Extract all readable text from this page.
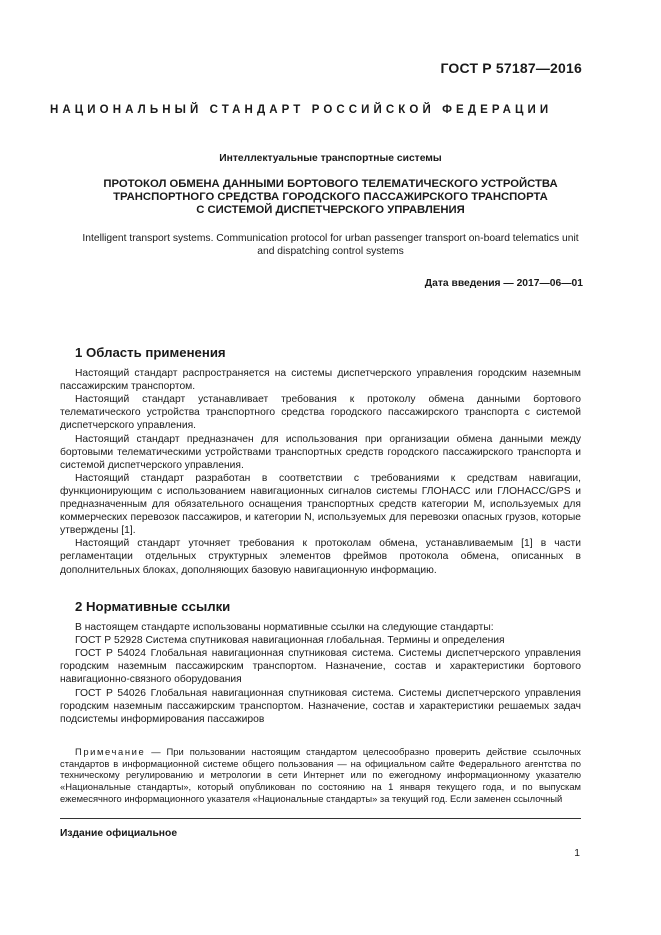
ГОСТ Р 57187—2016
НАЦИОНАЛЬНЫЙ СТАНДАРТ РОССИЙСКОЙ ФЕДЕРАЦИИ
Интеллектуальные транспортные системы
ПРОТОКОЛ ОБМЕНА ДАННЫМИ БОРТОВОГО ТЕЛЕМАТИЧЕСКОГО УСТРОЙСТВА
ТРАНСПОРТНОГО СРЕДСТВА ГОРОДСКОГО ПАССАЖИРСКОГО ТРАНСПОРТА
С СИСТЕМОЙ ДИСПЕТЧЕРСКОГО УПРАВЛЕНИЯ
Intelligent transport systems. Communication protocol for urban passenger transport on-board telematics unit
and dispatching control systems
Дата введения — 2017—06—01
1 Область применения

Настоящий стандарт распространяется на системы диспетчерского управления городским наземным пассажирским транспортом.

Настоящий стандарт устанавливает требования к протоколу обмена данными бортового телематического устройства транспортного средства городского пассажирского транспорта с системой диспетчерского управления.

Настоящий стандарт предназначен для использования при организации обмена данными между бортовыми телематическими устройствами транспортных средств городского пассажирского транспорта и системой диспетчерского управления.

Настоящий стандарт разработан в соответствии с требованиями к средствам навигации, функционирующим с использованием навигационных сигналов системы ГЛОНАСС или ГЛОНАСС/GPS и предназначенным для обязательного оснащения транспортных средств категории М, используемых для коммерческих перевозок пассажиров, и категории N, используемых для перевозки опасных грузов, которые утверждены [1].

Настоящий стандарт уточняет требования к протоколам обмена, устанавливаемым [1] в части регламентации отдельных структурных элементов фреймов протокола обмена, описанных в дополнительных блоках, дополняющих базовую навигационную информацию.

2 Нормативные ссылки

В настоящем стандарте использованы нормативные ссылки на следующие стандарты:

ГОСТ Р 52928 Система спутниковая навигационная глобальная. Термины и определения

ГОСТ Р 54024 Глобальная навигационная спутниковая система. Системы диспетчерского управления городским наземным пассажирским транспортом. Назначение, состав и характеристики бортового навигационно-связного оборудования

ГОСТ Р 54026 Глобальная навигационная спутниковая система. Системы диспетчерского управления городским наземным пассажирским транспортом. Назначение, состав и характеристики решаемых задач подсистемы информирования пассажиров

Примечание — При пользовании настоящим стандартом целесообразно проверить действие ссылочных стандартов в информационной системе общего пользования — на официальном сайте Федерального агентства по техническому регулированию и метрологии в сети Интернет или по ежегодному информационному указателю «Национальные стандарты», который опубликован по состоянию на 1 января текущего года, и по выпускам ежемесячного информационного указателя «Национальные стандарты» за текущий год. Если заменен ссылочный
Издание официальное
1
